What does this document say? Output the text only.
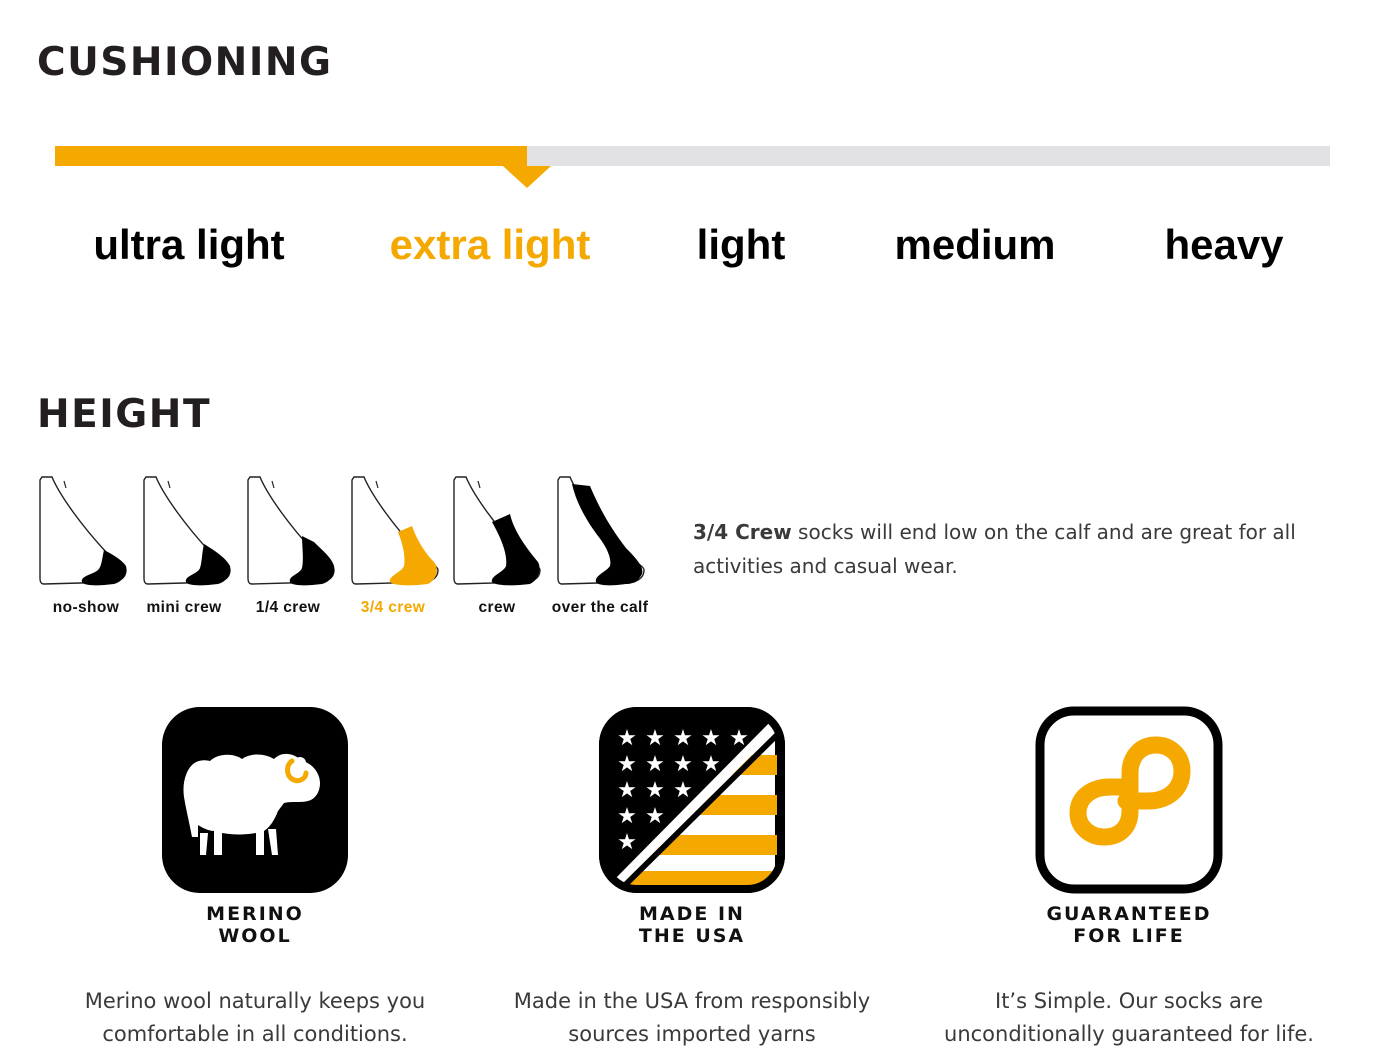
CUSHIONING
ultra light extra light	light	medium	heavy
HEIGHT
no-show mini crew 1/4 crew	3/4 crew	crew over the calf
3/4 Crew socks will end low on the calf and are great for all activities and casual wear.
MERINO
WOOL
Merino wool naturally keeps you
comfortable in all conditions.
★ ★ ★ ★ ★
★ ★ ★ ★
★ ★ ★
★ ★
★
MADE IN
THE USA
Made in the USA from responsibly
sources imported yarns
GUARANTEED
FOR LIFE
It’s Simple. Our socks are
unconditionally guaranteed for life.
